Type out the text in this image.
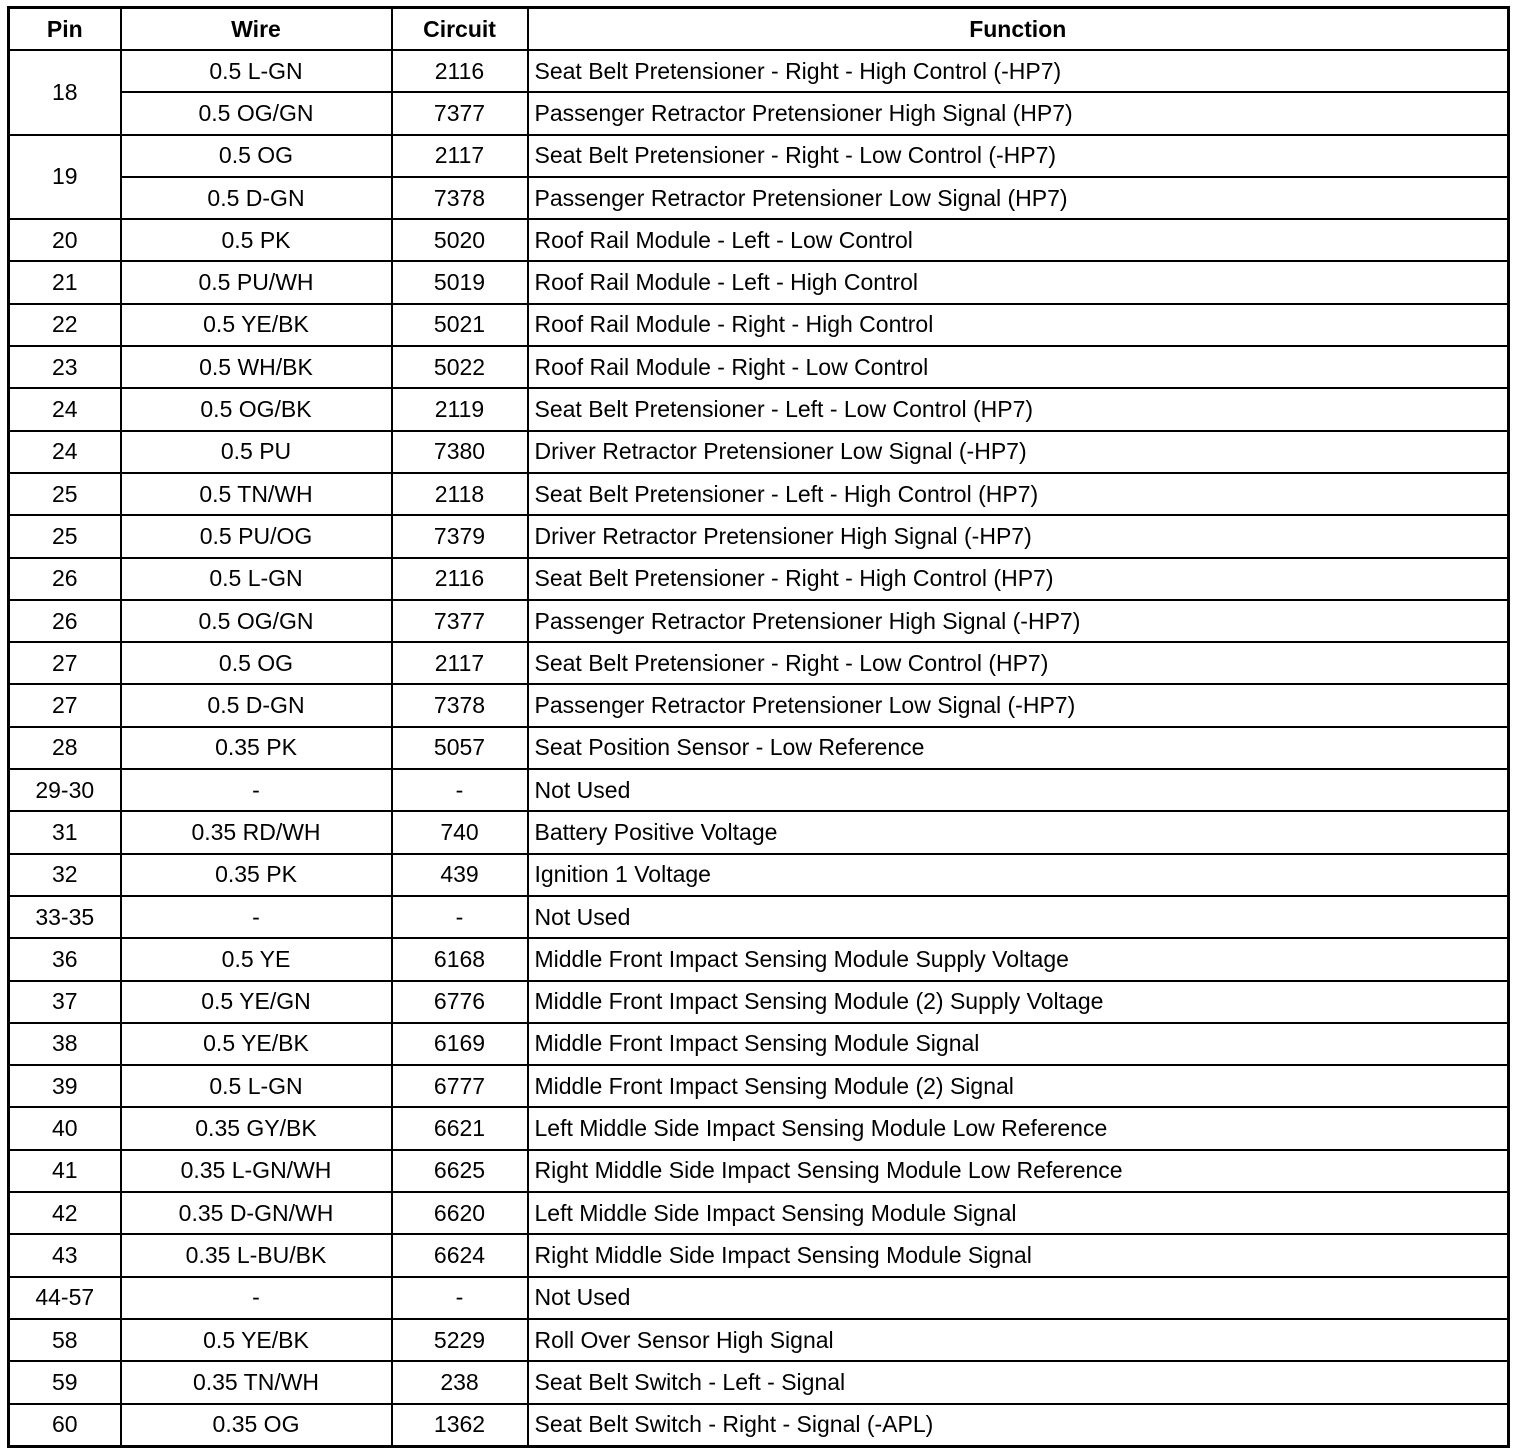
Pin	Wire	Circuit	Function
18	0.5 L-GN	2116	Seat Belt Pretensioner - Right - High Control (-HP7)
	0.5 OG/GN	7377	Passenger Retractor Pretensioner High Signal (HP7)
19	0.5 OG	2117	Seat Belt Pretensioner - Right - Low Control (-HP7)
	0.5 D-GN	7378	Passenger Retractor Pretensioner Low Signal (HP7)
20	0.5 PK	5020	Roof Rail Module - Left - Low Control
21	0.5 PU/WH	5019	Roof Rail Module - Left - High Control
22	0.5 YE/BK	5021	Roof Rail Module - Right - High Control
23	0.5 WH/BK	5022	Roof Rail Module - Right - Low Control
24	0.5 OG/BK	2119	Seat Belt Pretensioner - Left - Low Control (HP7)
24	0.5 PU	7380	Driver Retractor Pretensioner Low Signal (-HP7)
25	0.5 TN/WH	2118	Seat Belt Pretensioner - Left - High Control (HP7)
25	0.5 PU/OG	7379	Driver Retractor Pretensioner High Signal (-HP7)
26	0.5 L-GN	2116	Seat Belt Pretensioner - Right - High Control (HP7)
26	0.5 OG/GN	7377	Passenger Retractor Pretensioner High Signal (-HP7)
27	0.5 OG	2117	Seat Belt Pretensioner - Right - Low Control (HP7)
27	0.5 D-GN	7378	Passenger Retractor Pretensioner Low Signal (-HP7)
28	0.35 PK	5057	Seat Position Sensor - Low Reference
29-30	-	-	Not Used
31	0.35 RD/WH	740	Battery Positive Voltage
32	0.35 PK	439	Ignition 1 Voltage
33-35	-	-	Not Used
36	0.5 YE	6168	Middle Front Impact Sensing Module Supply Voltage
37	0.5 YE/GN	6776	Middle Front Impact Sensing Module (2) Supply Voltage
38	0.5 YE/BK	6169	Middle Front Impact Sensing Module Signal
39	0.5 L-GN	6777	Middle Front Impact Sensing Module (2) Signal
40	0.35 GY/BK	6621	Left Middle Side Impact Sensing Module Low Reference
41	0.35 L-GN/WH	6625	Right Middle Side Impact Sensing Module Low Reference
42	0.35 D-GN/WH	6620	Left Middle Side Impact Sensing Module Signal
43	0.35 L-BU/BK	6624	Right Middle Side Impact Sensing Module Signal
44-57	-	-	Not Used
58	0.5 YE/BK	5229	Roll Over Sensor High Signal
59	0.35 TN/WH	238	Seat Belt Switch - Left - Signal
60	0.35 OG	1362	Seat Belt Switch - Right - Signal (-APL)
